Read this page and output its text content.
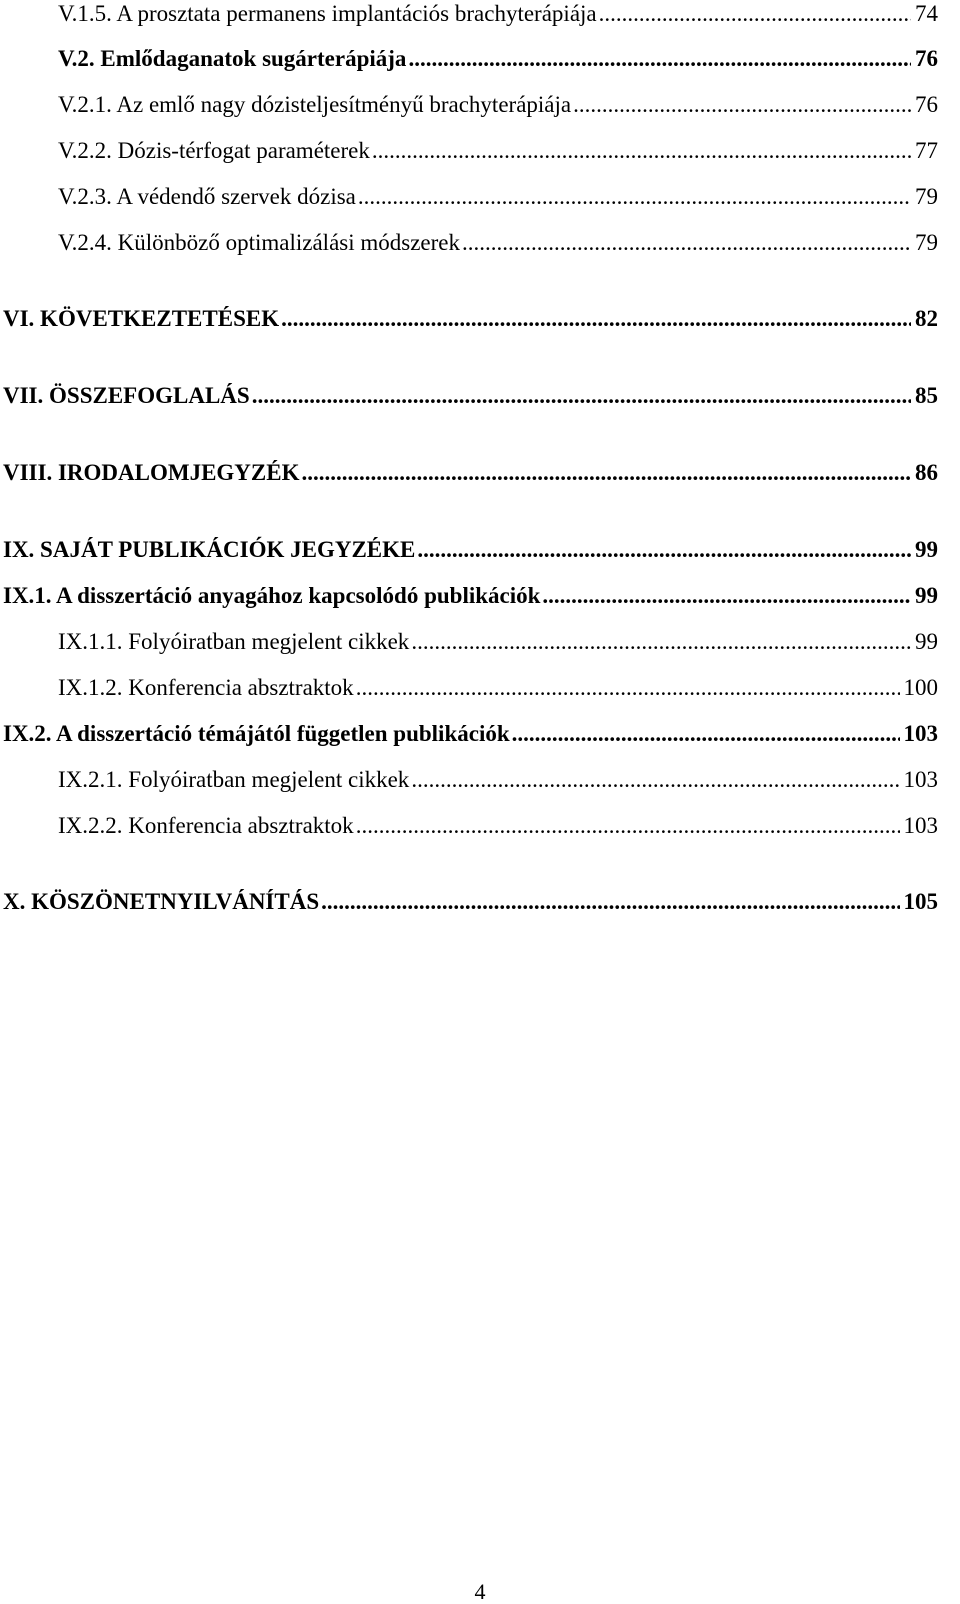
V.1.5. A prosztata permanens implantációs brachyterápiája .....	74
V.2. Emlődaganatok sugárterápiája .....	76
V.2.1. Az emlő nagy dózisteljesítményű brachyterápiája .....	76
V.2.2. Dózis-térfogat paraméterek .....	77
V.2.3. A védendő szervek dózisa .....	79
V.2.4. Különböző optimalizálási módszerek .....	79
VI. KÖVETKEZTETÉSEK .....	82
VII. ÖSSZEFOGLALÁS .....	85
VIII. IRODALOMJEGYZÉK .....	86
IX. SAJÁT PUBLIKÁCIÓK JEGYZÉKE .....	99
IX.1. A disszertáció anyagához kapcsolódó publikációk .....	99
IX.1.1. Folyóiratban megjelent cikkek .....	99
IX.1.2. Konferencia absztraktok .....	100
IX.2. A disszertáció témájától független publikációk .....	103
IX.2.1. Folyóiratban megjelent cikkek .....	103
IX.2.2. Konferencia absztraktok .....	103
X. KÖSZÖNETNYILVÁNÍTÁS .....	105
4
